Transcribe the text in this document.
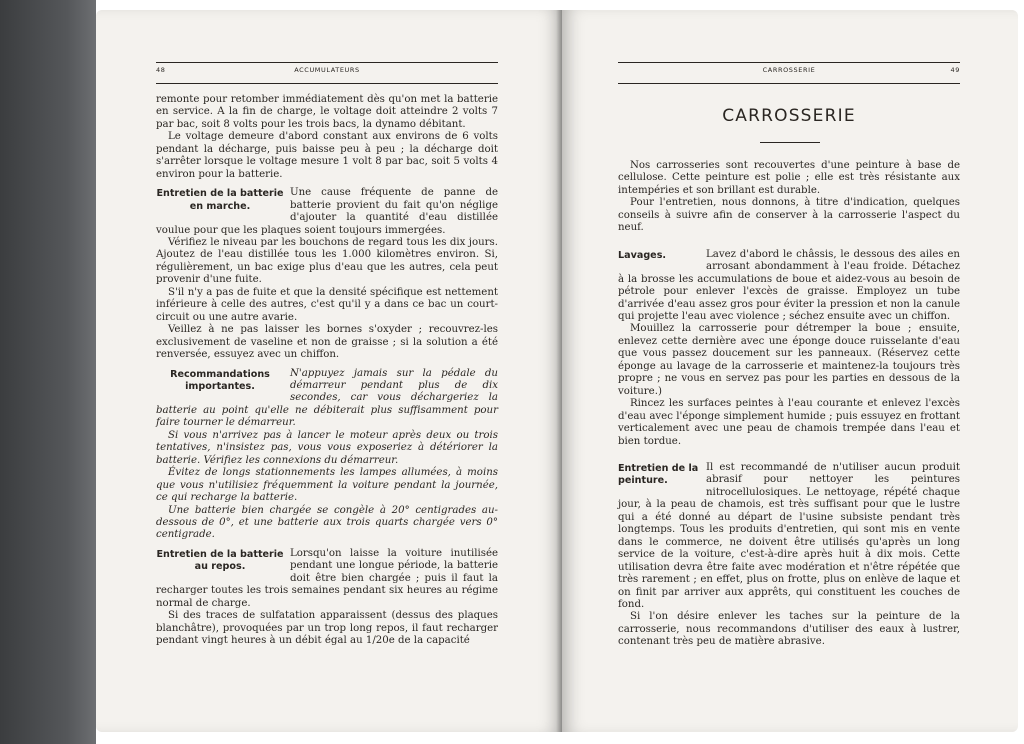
48	ACCUMULATEURS

remonte pour retomber immédiatement dès qu'on met la batterie en service. A la fin de charge, le voltage doit atteindre 2 volts 7 par bac, soit 8 volts pour les trois bacs, la dynamo débitant.

Le voltage demeure d'abord constant aux environs de 6 volts pendant la décharge, puis baisse peu à peu ; la décharge doit s'arrêter lorsque le voltage mesure 1 volt 8 par bac, soit 5 volts 4 environ pour la batterie.

Entretien de la batterie en marche.

Une cause fréquente de panne de batterie provient du fait qu'on néglige d'ajouter la quantité d'eau distillée voulue pour que les plaques soient toujours immergées.

Vérifiez le niveau par les bouchons de regard tous les dix jours. Ajoutez de l'eau distillée tous les 1.000 kilomètres environ. Si, régulièrement, un bac exige plus d'eau que les autres, cela peut provenir d'une fuite.

S'il n'y a pas de fuite et que la densité spécifique est nettement inférieure à celle des autres, c'est qu'il y a dans ce bac un court-circuit ou une autre avarie.

Veillez à ne pas laisser les bornes s'oxyder ; recouvrez-les exclusivement de vaseline et non de graisse ; si la solution a été renversée, essuyez avec un chiffon.

Recommandations importantes.

N'appuyez jamais sur la pédale du démarreur pendant plus de dix secondes, car vous déchargeriez la batterie au point qu'elle ne débiterait plus suffisamment pour faire tourner le démarreur.

Si vous n'arrivez pas à lancer le moteur après deux ou trois tentatives, n'insistez pas, vous vous exposeriez à détériorer la batterie. Vérifiez les connexions du démarreur.

Évitez de longs stationnements les lampes allumées, à moins que vous n'utilisiez fréquemment la voiture pendant la journée, ce qui recharge la batterie.

Une batterie bien chargée se congèle à 20° centigrades au-dessous de 0°, et une batterie aux trois quarts chargée vers 0° centigrade.

Entretien de la batterie au repos.

Lorsqu'on laisse la voiture inutilisée pendant une longue période, la batterie doit être bien chargée ; puis il faut la recharger toutes les trois semaines pendant six heures au régime normal de charge.

Si des traces de sulfatation apparaissent (dessus des plaques blanchâtre), provoquées par un trop long repos, il faut recharger pendant vingt heures à un débit égal au 1/20e de la capacité

CARROSSERIE	49
CARROSSERIE

Nos carrosseries sont recouvertes d'une peinture à base de cellulose. Cette peinture est polie ; elle est très résistante aux intempéries et son brillant est durable.

Pour l'entretien, nous donnons, à titre d'indication, quelques conseils à suivre afin de conserver à la carrosserie l'aspect du neuf.

Lavages.	Lavez d'abord le châssis, le dessous des ailes en arrosant abondamment à l'eau froide. Détachez à la brosse les accumulations de boue et aidez-vous au besoin de pétrole pour enlever l'excès de graisse. Employez un tube d'arrivée d'eau assez gros pour éviter la pression et non la canule qui projette l'eau avec violence ; séchez ensuite avec un chiffon.

Mouillez la carrosserie pour détremper la boue ; ensuite, enlevez cette dernière avec une éponge douce ruisselante d'eau que vous passez doucement sur les panneaux. (Réservez cette éponge au lavage de la carrosserie et maintenez-la toujours très propre ; ne vous en servez pas pour les parties en dessous de la voiture.)

Rincez les surfaces peintes à l'eau courante et enlevez l'excès d'eau avec l'éponge simplement humide ; puis essuyez en frottant verticalement avec une peau de chamois trempée dans l'eau et bien tordue.

Entretien de la peinture.

Il est recommandé de n'utiliser aucun produit abrasif pour nettoyer les peintures nitrocellulosiques. Le nettoyage, répété chaque jour, à la peau de chamois, est très suffisant pour que le lustre qui a été donné au départ de l'usine subsiste pendant très longtemps. Tous les produits d'entretien, qui sont mis en vente dans le commerce, ne doivent être utilisés qu'après un long service de la voiture, c'est-à-dire après huit à dix mois. Cette utilisation devra être faite avec modération et n'être répétée que très rarement ; en effet, plus on frotte, plus on enlève de laque et on finit par arriver aux apprêts, qui constituent les couches de fond.

Si l'on désire enlever les taches sur la peinture de la carrosserie, nous recommandons d'utiliser des eaux à lustrer, contenant très peu de matière abrasive.
